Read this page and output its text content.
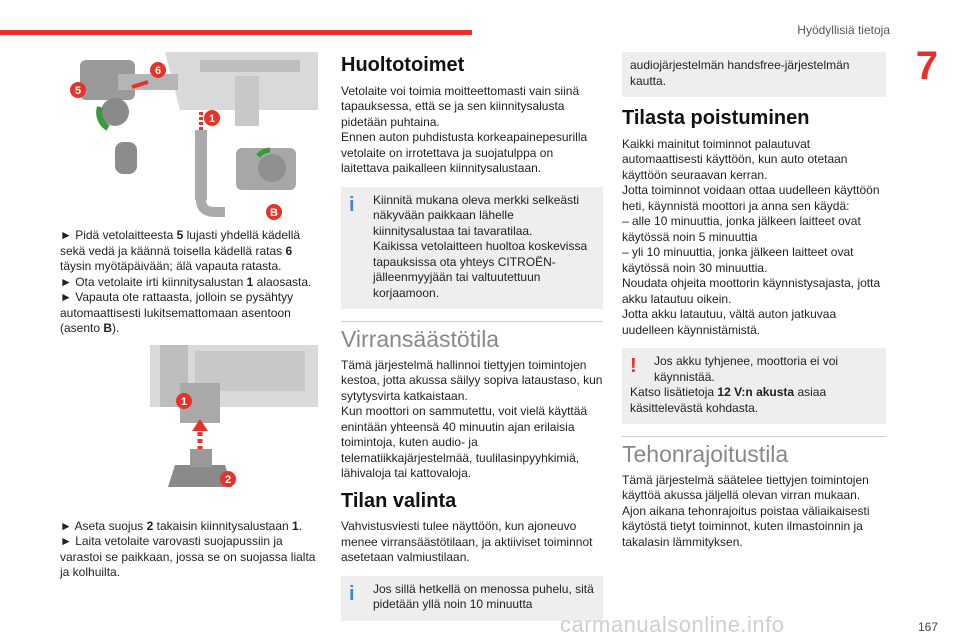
Hyödyllisiä tietoja
7
6
5
1
B

► Pidä vetolaitteesta 5 lujasti yhdellä kädellä sekä vedä ja käännä toisella kädellä ratas 6 täysin myötäpäivään; älä vapauta ratasta.

► Ota vetolaite irti kiinnitysalustan 1 alaosasta.

► Vapauta ote rattaasta, jolloin se pysähtyy automaattisesti lukitsemattomaan asentoon (asento B).

1
2

► Aseta suojus 2 takaisin kiinnitysalustaan 1.

► Laita vetolaite varovasti suojapussiin ja varastoi se paikkaan, jossa se on suojassa lialta ja kolhuilta.

Huoltotoimet

Vetolaite voi toimia moitteettomasti vain siinä tapauksessa, että se ja sen kiinnitysalusta pidetään puhtaina.
Ennen auton puhdistusta korkeapainepesurilla vetolaite on irrotettava ja suojatulppa on laitettava paikalleen kiinnitysalustaan.

i	Kiinnitä mukana oleva merkki selkeästi näkyvään paikkaan lähelle kiinnitysalustaa tai tavaratilaa.
Kaikissa vetolaitteen huoltoa koskevissa tapauksissa ota yhteys CITROËN-jälleenmyyjään tai valtuutettuun korjaamoon.

Virransäästötila

Tämä järjestelmä hallinnoi tiettyjen toimintojen kestoa, jotta akussa säilyy sopiva lataustaso, kun sytytysvirta katkaistaan.
Kun moottori on sammutettu, voit vielä käyttää enintään yhteensä 40 minuutin ajan erilaisia toimintoja, kuten audio- ja telematiikkajärjestelmää, tuulilasinpyyhkimiä, lähivaloja tai kattovaloja.

Tilan valinta

Vahvistusviesti tulee näyttöön, kun ajoneuvo menee virransäästötilaan, ja aktiiviset toiminnot asetetaan valmiustilaan.

i	Jos sillä hetkellä on menossa puhelu, sitä pidetään yllä noin 10 minuutta

audiojärjestelmän handsfree-järjestelmän kautta.

Tilasta poistuminen

Kaikki mainitut toiminnot palautuvat automaattisesti käyttöön, kun auto otetaan käyttöön seuraavan kerran.
Jotta toiminnot voidaan ottaa uudelleen käyttöön heti, käynnistä moottori ja anna sen käydä:
– alle 10 minuuttia, jonka jälkeen laitteet ovat käytössä noin 5 minuuttia
– yli 10 minuuttia, jonka jälkeen laitteet ovat käytössä noin 30 minuuttia.
Noudata ohjeita moottorin käynnistysajasta, jotta akku latautuu oikein.
Jotta akku latautuu, vältä auton jatkuvaa uudelleen käynnistämistä.

!	Jos akku tyhjenee, moottoria ei voi käynnistää.

Katso lisätietoja 12 V:n akusta asiaa käsittelevästä kohdasta.

Tehonrajoitustila

Tämä järjestelmä säätelee tiettyjen toimintojen käyttöä akussa jäljellä olevan virran mukaan.
Ajon aikana tehonrajoitus poistaa väliaikaisesti käytöstä tietyt toiminnot, kuten ilmastoinnin ja takalasin lämmityksen.

carmanualsonline.info	167
